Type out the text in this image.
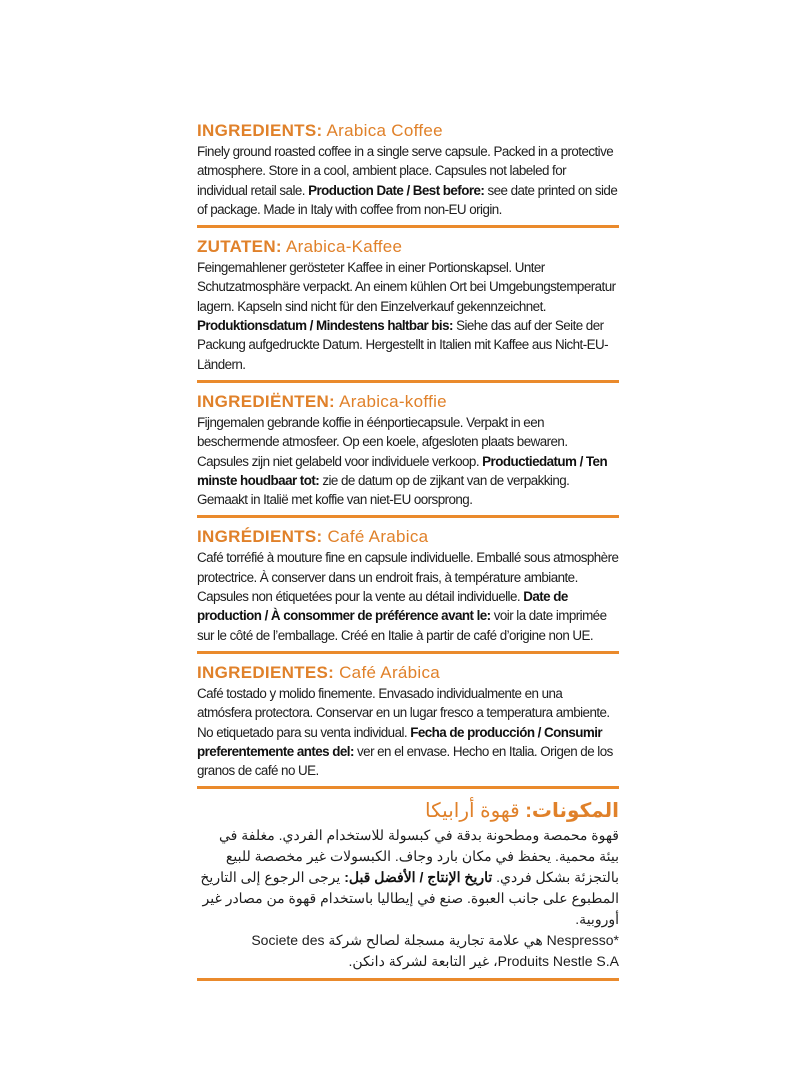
INGREDIENTS: Arabica Coffee
Finely ground roasted coffee in a single serve capsule. Packed in a protective atmosphere. Store in a cool, ambient place. Capsules not labeled for individual retail sale. Production Date / Best before: see date printed on side of package. Made in Italy with coffee from non-EU origin.
ZUTATEN: Arabica-Kaffee
Feingemahlener gerösteter Kaffee in einer Portionskapsel. Unter Schutzatmosphäre verpackt. An einem kühlen Ort bei Umgebungstemperatur lagern. Kapseln sind nicht für den Einzelverkauf gekennzeichnet. Produktionsdatum / Mindestens haltbar bis: Siehe das auf der Seite der Packung aufgedruckte Datum. Hergestellt in Italien mit Kaffee aus Nicht-EU-Ländern.
INGREDIËNTEN: Arabica-koffie
Fijngemalen gebrande koffie in éénportiecapsule. Verpakt in een beschermende atmosfeer. Op een koele, afgesloten plaats bewaren. Capsules zijn niet gelabeld voor individuele verkoop. Productiedatum / Ten minste houdbaar tot: zie de datum op de zijkant van de verpakking. Gemaakt in Italië met koffie van niet-EU oorsprong.
INGRÉDIENTS: Café Arabica
Café torréfié à mouture fine en capsule individuelle. Emballé sous atmosphère protectrice. À conserver dans un endroit frais, à température ambiante. Capsules non étiquetées pour la vente au détail individuelle. Date de production / À consommer de préférence avant le: voir la date imprimée sur le côté de l’emballage. Créé en Italie à partir de café d’origine non UE.
INGREDIENTES: Café Arábica
Café tostado y molido finemente. Envasado individualmente en una atmósfera protectora. Conservar en un lugar fresco a temperatura ambiente. No etiquetado para su venta individual. Fecha de producción / Consumir preferentemente antes del: ver en el envase. Hecho en Italia. Origen de los granos de café no UE.
المكونات: قهوة أرابيكا
قهوة محمصة ومطحونة بدقة في كبسولة للاستخدام الفردي. مغلفة في بيئة محمية. يحفظ في مكان بارد وجاف. الكبسولات غير مخصصة للبيع بالتجزئة بشكل فردي. تاريخ الإنتاج / الأفضل قبل: يرجى الرجوع إلى التاريخ المطبوع على جانب العبوة. صنع في إيطاليا باستخدام قهوة من مصادر غير أوروبية.
*Nespresso هي علامة تجارية مسجلة لصالح شركة Societe des Produits Nestle S.A، غير التابعة لشركة دانكن.
